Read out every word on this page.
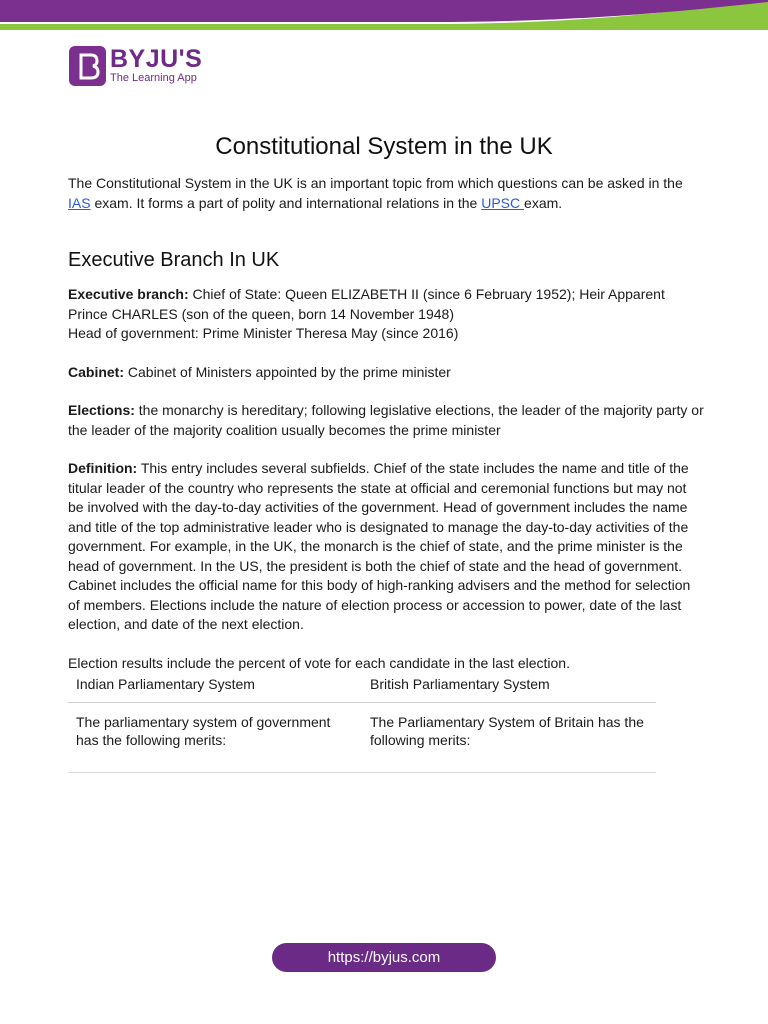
BYJU'S
The Learning App
Constitutional System in the UK

The Constitutional System in the UK is an important topic from which questions can be asked in the IAS exam. It forms a part of polity and international relations in the UPSC exam.

Executive Branch In UK

Executive branch: Chief of State: Queen ELIZABETH II (since 6 February 1952); Heir Apparent Prince CHARLES (son of the queen, born 14 November 1948)

Head of government: Prime Minister Theresa May (since 2016)

Cabinet: Cabinet of Ministers appointed by the prime minister

Elections: the monarchy is hereditary; following legislative elections, the leader of the majority party or the leader of the majority coalition usually becomes the prime minister

Definition: This entry includes several subfields. Chief of the state includes the name and title of the titular leader of the country who represents the state at official and ceremonial functions but may not be involved with the day-to-day activities of the government. Head of government includes the name and title of the top administrative leader who is designated to manage the day-to-day activities of the government. For example, in the UK, the monarch is the chief of state, and the prime minister is the head of government. In the US, the president is both the chief of state and the head of government. Cabinet includes the official name for this body of high-ranking advisers and the method for selection of members. Elections include the nature of election process or accession to power, date of the last election, and date of the next election.

Election results include the percent of vote for each candidate in the last election.

Indian Parliamentary System	British Parliamentary System
The parliamentary system of government has the following merits:	The Parliamentary System of Britain has the following merits:
https://byjus.com
